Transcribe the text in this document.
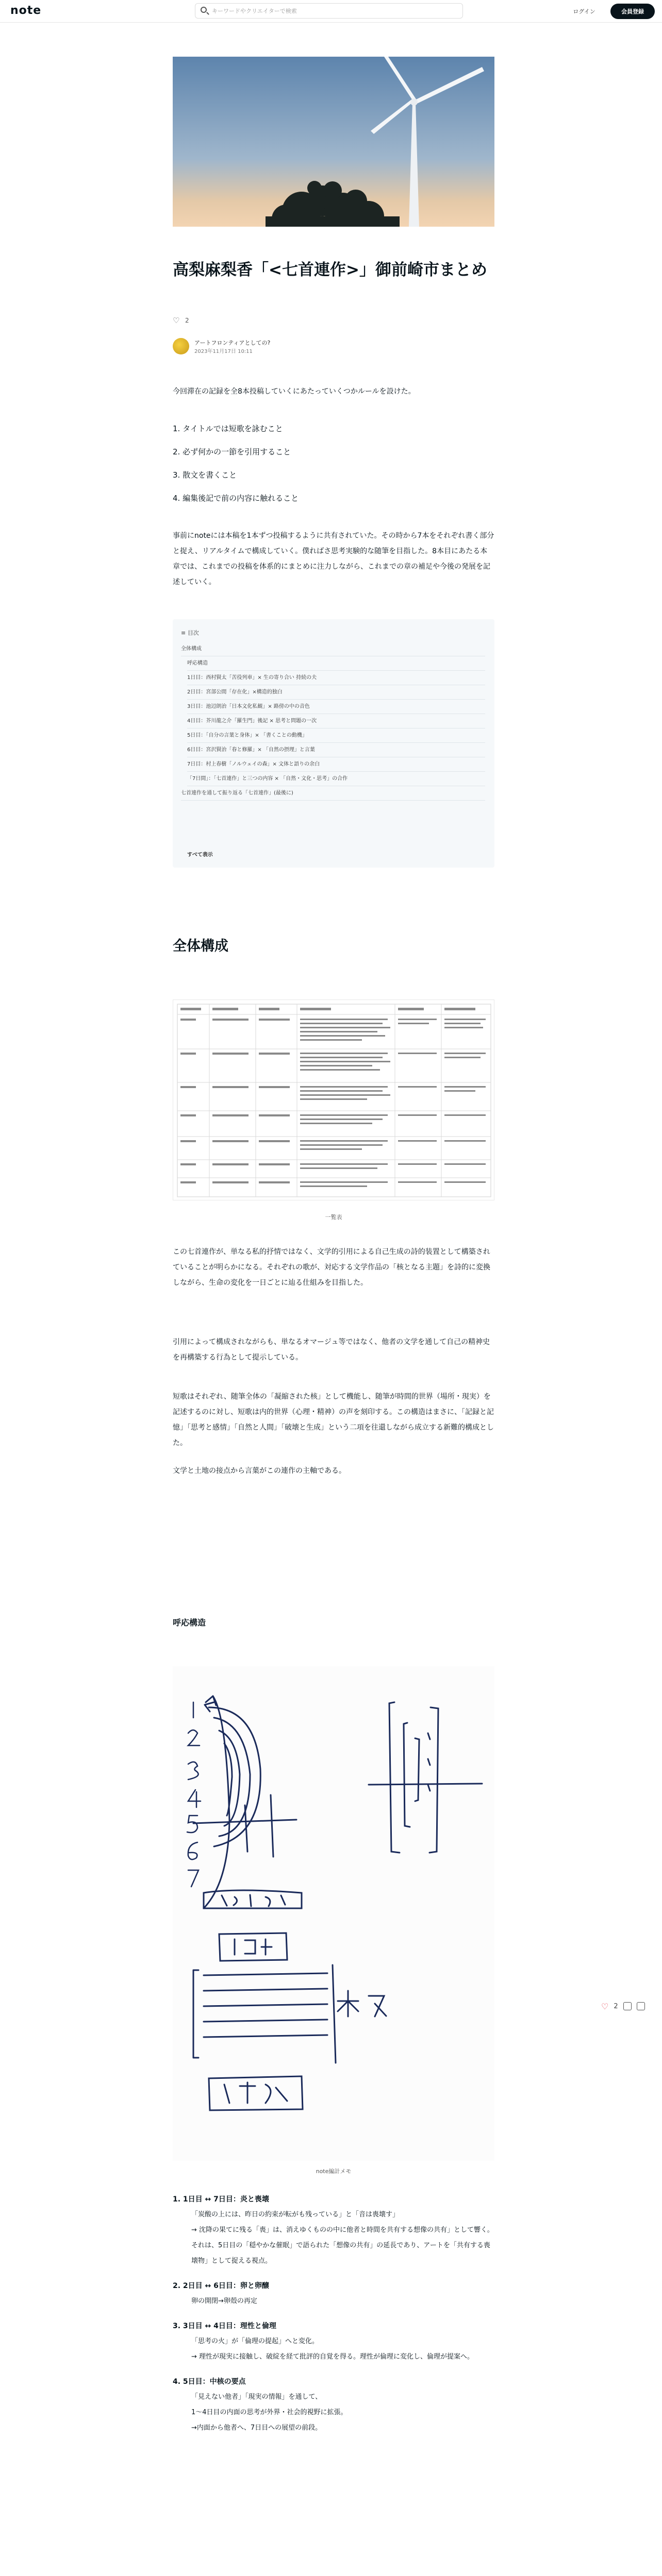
note
キーワードやクリエイターで検索	ログイン	会員登録
高梨麻梨香「<七首連作>」御前崎市まとめ
♡ 2
アートフロンティアとしての?
2023年11月17日 10:11

今回滞在の記録を全8本投稿していくにあたっていくつかルールを設けた。

1. タイトルでは短歌を詠むこと
2. 必ず何かの一節を引用すること
3. 散文を書くこと
4. 編集後記で前の内容に触れること

事前にnoteには本稿を1本ずつ投稿するように共有されていた。その時から7本をそれぞれ書く部分と捉え、リアルタイムで構成していく。僕ればさ思考実験的な随筆を目指した。8本目にあたる本章では、これまでの投稿を体系的にまとめに注力しながら、これまでの章の補足や今後の発展を記述していく。

≡ 目次
全体構成
呼応構造
1日目：西村賢太「苦役列車」× 生の寄り合い 持続の夫
2日目：宮部公間「存在化」×構造的独白
3日目：池辺朗治「日本文化私観」× 路傍の中の音色
4日目：芥川龍之介「羅生門」後記 × 思考と問題の一次
5日目：「自分の言葉と身体」× 「書くことの動機」
6日目：宮沢賢治「春と修羅」× 「自然の摂理」と言葉
7日目：村上春樹「ノルウェイの森」× 文体と語りの余白
「7日間」：「七首連作」と三つの内容 × 「自然・文化・思考」の合作
七首連作を通して振り返る「七首連作」(最後に)
すべて表示
全体構成
一覧表

この七首連作が、単なる私的抒情ではなく、文学的引用による自己生成の詩的装置として構築されていることが明らかになる。それぞれの歌が、対応する文学作品の「核となる主題」を詩的に変換しながら、生命の変化を一日ごとに辿る仕組みを目指した。

引用によって構成されながらも、単なるオマージュ等ではなく、他者の文学を通して自己の精神史を再構築する行為として提示している。

短歌はそれぞれ、随筆全体の「凝縮された核」として機能し、随筆が時間的世界（場所・現実）を記述するのに対し、短歌は内的世界（心理・精神）の声を刻印する。この構造はまさに、「記録と記憶」「思考と感情」「自然と人間」「破壊と生成」という二項を往還しながら成立する新難的構成とした。

文学と土地の接点から言葉がこの連作の主軸である。

呼応構造
note編計メモ
1. 1日目 ↔ 7日目：炎と喪壊
「炭酸の上には、昨日の約束が転がも残っている」と「音は喪壊す」
→ 沈降の果てに残る「喪」は、消えゆくものの中に他者と時間を共有する想像の共有」として響く。それは、5日目の「穏やかな催眠」で語られた「想像の共有」の延長であり、アートを「共有する喪壊物」として捉える視点。
2. 2日目 ↔ 6日目：卵と卵醸
卵の開閉→卵殻の再定
3. 3日目 ↔ 4日目：理性と倫理
「思考の火」が「倫理の提起」へと変化。
→ 理性が現実に接触し、破綻を経て批評的自覚を得る。理性が倫理に変化し、倫理が提案へ。
4. 5日目：中核の要点
「見えない他者」「現実の情報」を通して、
1〜4日目の内面の思考が外界・社会的視野に拡張。
→内面から他者へ、7日目への展望の前段。

♡ 2
